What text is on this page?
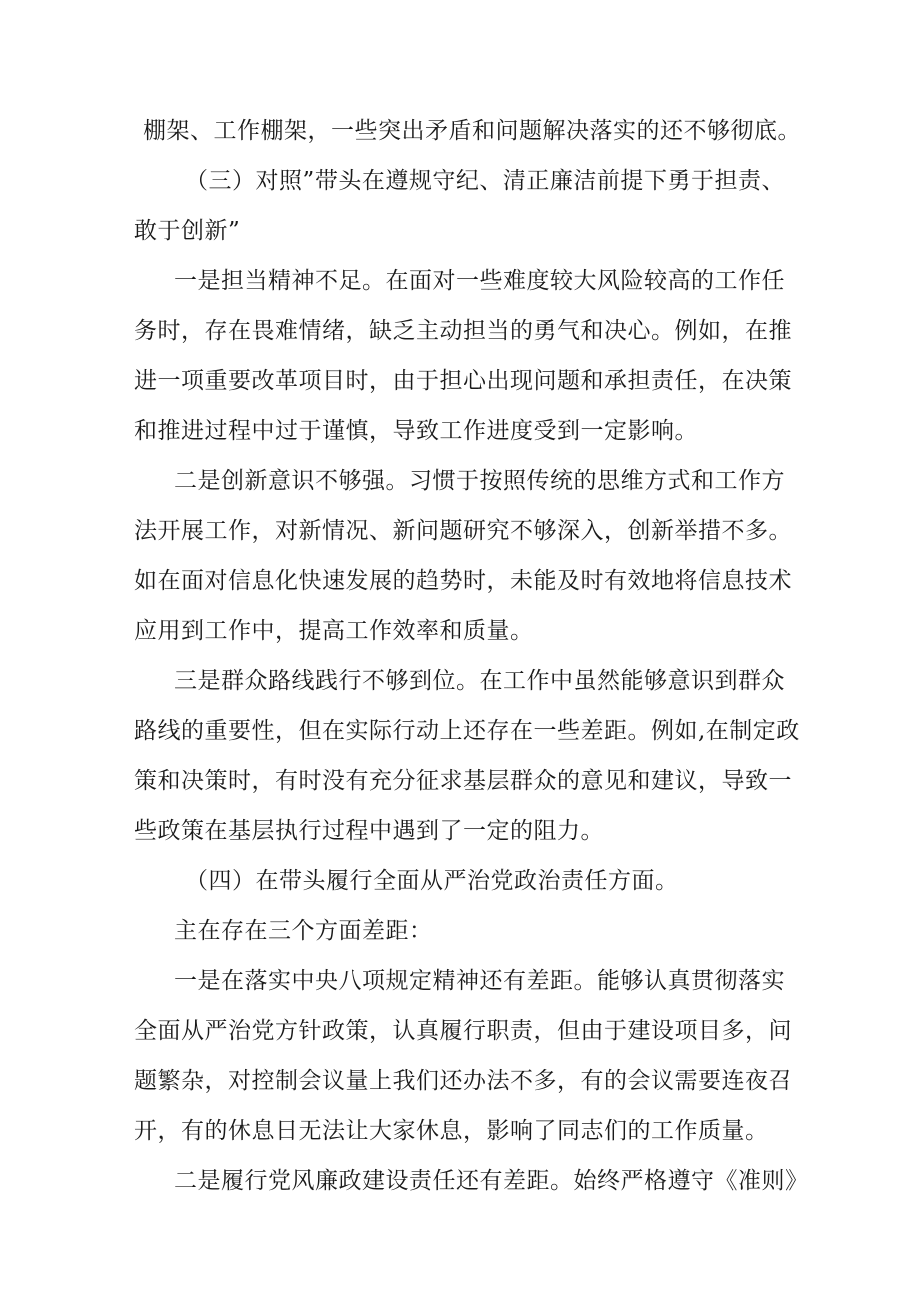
棚架、工作棚架，一些突出矛盾和问题解决落实的还不够彻底。
（三）对照”带头在遵规守纪、清正廉洁前提下勇于担责、
敢于创新”
一是担当精神不足。在面对一些难度较大风险较高的工作任
务时，存在畏难情绪，缺乏主动担当的勇气和决心。例如，在推
进一项重要改革项目时，由于担心出现问题和承担责任，在决策
和推进过程中过于谨慎，导致工作进度受到一定影响。
二是创新意识不够强。习惯于按照传统的思维方式和工作方
法开展工作，对新情况、新问题研究不够深入，创新举措不多。
如在面对信息化快速发展的趋势时，未能及时有效地将信息技术
应用到工作中，提高工作效率和质量。
三是群众路线践行不够到位。在工作中虽然能够意识到群众
路线的重要性，但在实际行动上还存在一些差距。例如,在制定政
策和决策时，有时没有充分征求基层群众的意见和建议，导致一
些政策在基层执行过程中遇到了一定的阻力。
（四）在带头履行全面从严治党政治责任方面。
主在存在三个方面差距：
一是在落实中央八项规定精神还有差距。能够认真贯彻落实
全面从严治党方针政策，认真履行职责，但由于建设项目多，问
题繁杂，对控制会议量上我们还办法不多，有的会议需要连夜召
开，有的休息日无法让大家休息，影响了同志们的工作质量。
二是履行党风廉政建设责任还有差距。始终严格遵守《准则》
